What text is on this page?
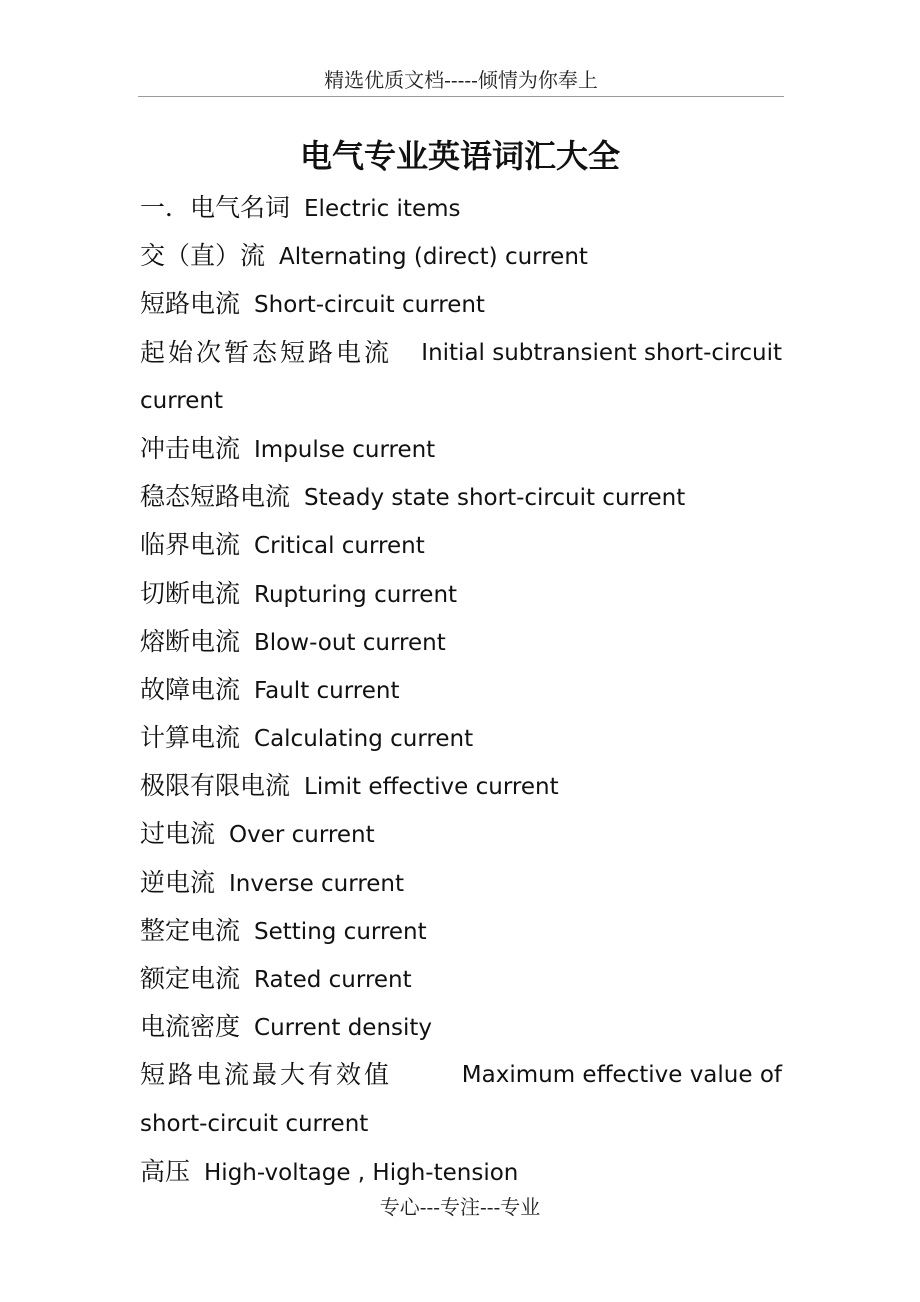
精选优质文档-----倾情为你奉上
电气专业英语词汇大全
一．电气名词 Electric items
交（直）流 Alternating (direct) current
短路电流 Short-circuit current
起始次暂态短路电流 Initial subtransient short-circuit
current
冲击电流 Impulse current
稳态短路电流 Steady state short-circuit current
临界电流 Critical current
切断电流 Rupturing current
熔断电流 Blow-out current
故障电流 Fault current
计算电流 Calculating current
极限有限电流 Limit effective current
过电流 Over current
逆电流 Inverse current
整定电流 Setting current
额定电流 Rated current
电流密度 Current density
短路电流最大有效值	Maximum effective value of
short-circuit current
高压 High-voltage , High-tension
专心---专注---专业
